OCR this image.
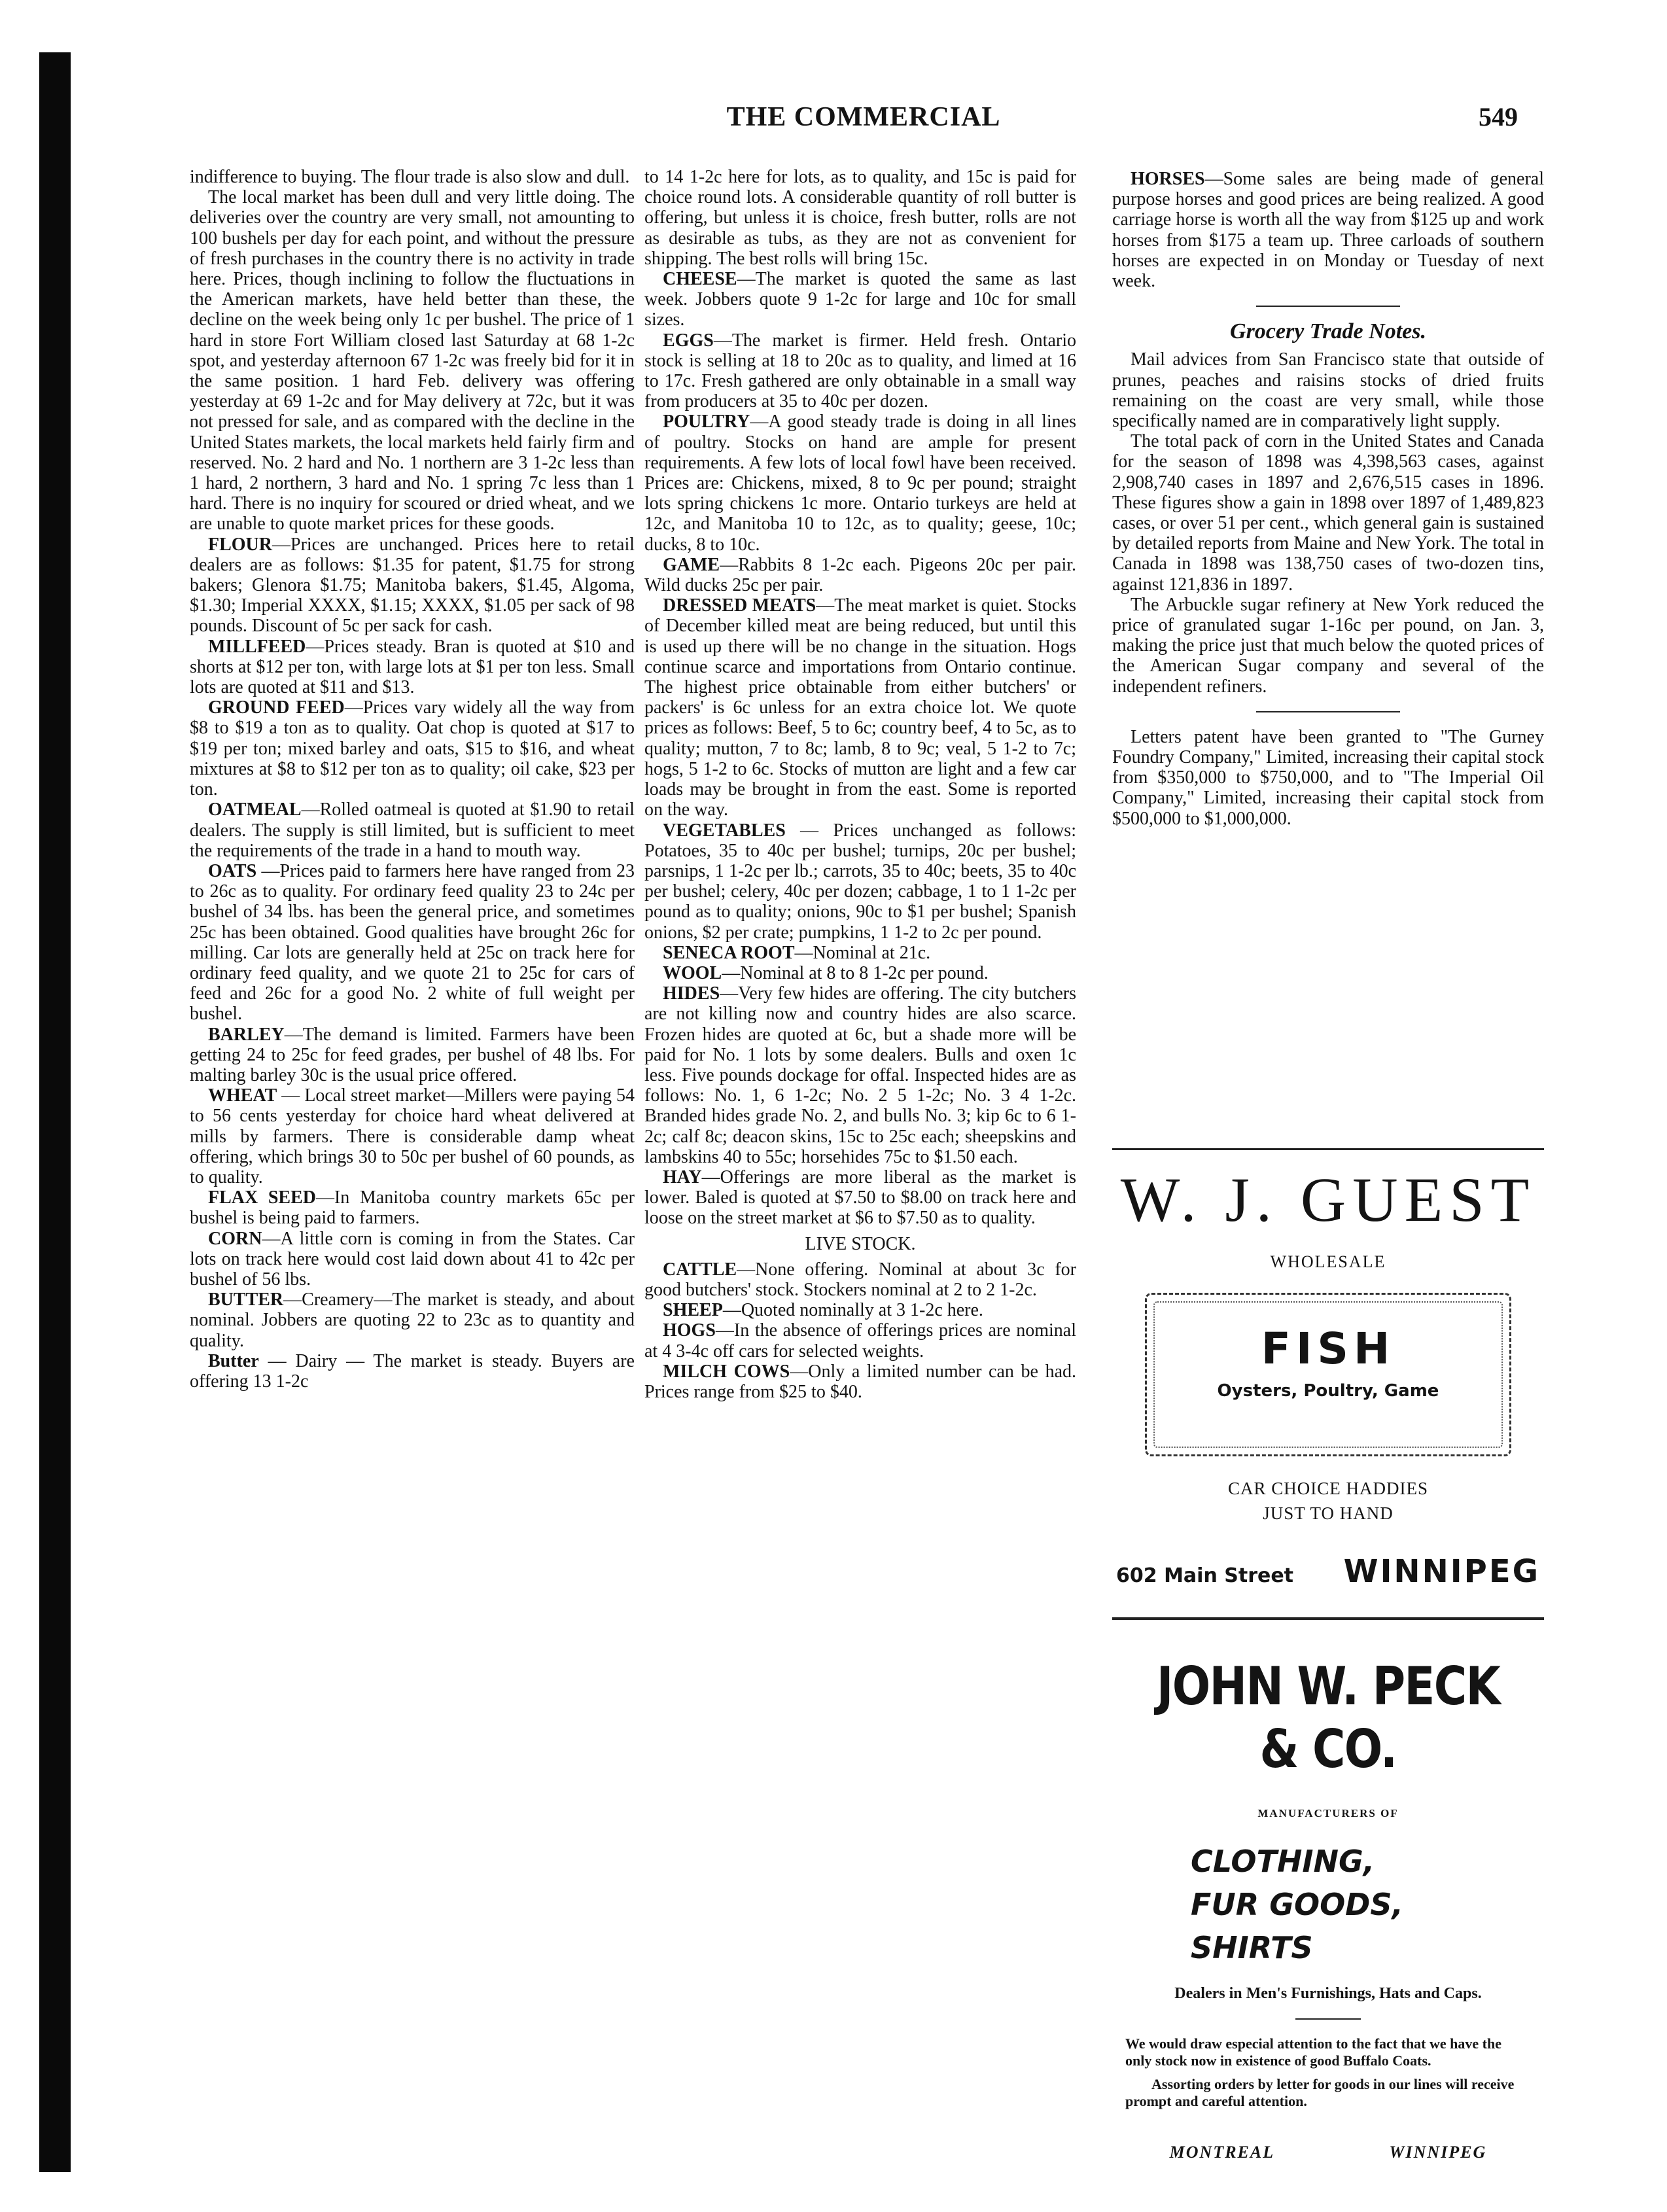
THE COMMERCIAL	549

indifference to buying. The flour trade is also slow and dull.

The local market has been dull and very little doing. The deliveries over the country are very small, not amounting to 100 bushels per day for each point, and without the pressure of fresh purchases in the country there is no activity in trade here. Prices, though inclining to follow the fluctuations in the American markets, have held better than these, the decline on the week being only 1c per bushel. The price of 1 hard in store Fort William closed last Saturday at 68 1-2c spot, and yesterday afternoon 67 1-2c was freely bid for it in the same position. 1 hard Feb. delivery was offering yesterday at 69 1-2c and for May delivery at 72c, but it was not pressed for sale, and as compared with the decline in the United States markets, the local markets held fairly firm and reserved. No. 2 hard and No. 1 northern are 3 1-2c less than 1 hard, 2 northern, 3 hard and No. 1 spring 7c less than 1 hard. There is no inquiry for scoured or dried wheat, and we are unable to quote market prices for these goods.

FLOUR—Prices are unchanged. Prices here to retail dealers are as follows: $1.35 for patent, $1.75 for strong bakers; Glenora $1.75; Manitoba bakers, $1.45, Algoma, $1.30; Imperial XXXX, $1.15; XXXX, $1.05 per sack of 98 pounds. Discount of 5c per sack for cash.

MILLFEED—Prices steady. Bran is quoted at $10 and shorts at $12 per ton, with large lots at $1 per ton less. Small lots are quoted at $11 and $13.

GROUND FEED—Prices vary widely all the way from $8 to $19 a ton as to quality. Oat chop is quoted at $17 to $19 per ton; mixed barley and oats, $15 to $16, and wheat mixtures at $8 to $12 per ton as to quality; oil cake, $23 per ton.

OATMEAL—Rolled oatmeal is quoted at $1.90 to retail dealers. The supply is still limited, but is sufficient to meet the requirements of the trade in a hand to mouth way.

OATS —Prices paid to farmers here have ranged from 23 to 26c as to quality. For ordinary feed quality 23 to 24c per bushel of 34 lbs. has been the general price, and sometimes 25c has been obtained. Good qualities have brought 26c for milling. Car lots are generally held at 25c on track here for ordinary feed quality, and we quote 21 to 25c for cars of feed and 26c for a good No. 2 white of full weight per bushel.

BARLEY—The demand is limited. Farmers have been getting 24 to 25c for feed grades, per bushel of 48 lbs. For malting barley 30c is the usual price offered.

WHEAT — Local street market—Millers were paying 54 to 56 cents yesterday for choice hard wheat delivered at mills by farmers. There is considerable damp wheat offering, which brings 30 to 50c per bushel of 60 pounds, as to quality.

FLAX SEED—In Manitoba country markets 65c per bushel is being paid to farmers.

CORN—A little corn is coming in from the States. Car lots on track here would cost laid down about 41 to 42c per bushel of 56 lbs.

BUTTER—Creamery—The market is steady, and about nominal. Jobbers are quoting 22 to 23c as to quantity and quality.

Butter — Dairy — The market is steady. Buyers are offering 13 1-2c

to 14 1-2c here for lots, as to quality, and 15c is paid for choice round lots. A considerable quantity of roll butter is offering, but unless it is choice, fresh butter, rolls are not as desirable as tubs, as they are not as convenient for shipping. The best rolls will bring 15c.

CHEESE—The market is quoted the same as last week. Jobbers quote 9 1-2c for large and 10c for small sizes.

EGGS—The market is firmer. Held fresh. Ontario stock is selling at 18 to 20c as to quality, and limed at 16 to 17c. Fresh gathered are only obtainable in a small way from producers at 35 to 40c per dozen.

POULTRY—A good steady trade is doing in all lines of poultry. Stocks on hand are ample for present requirements. A few lots of local fowl have been received. Prices are: Chickens, mixed, 8 to 9c per pound; straight lots spring chickens 1c more. Ontario turkeys are held at 12c, and Manitoba 10 to 12c, as to quality; geese, 10c; ducks, 8 to 10c.

GAME—Rabbits 8 1-2c each. Pigeons 20c per pair. Wild ducks 25c per pair.

DRESSED MEATS—The meat market is quiet. Stocks of December killed meat are being reduced, but until this is used up there will be no change in the situation. Hogs continue scarce and importations from Ontario continue. The highest price obtainable from either butchers' or packers' is 6c unless for an extra choice lot. We quote prices as follows: Beef, 5 to 6c; country beef, 4 to 5c, as to quality; mutton, 7 to 8c; lamb, 8 to 9c; veal, 5 1-2 to 7c; hogs, 5 1-2 to 6c. Stocks of mutton are light and a few car loads may be brought in from the east. Some is reported on the way.

VEGETABLES — Prices unchanged as follows: Potatoes, 35 to 40c per bushel; turnips, 20c per bushel; parsnips, 1 1-2c per lb.; carrots, 35 to 40c; beets, 35 to 40c per bushel; celery, 40c per dozen; cabbage, 1 to 1 1-2c per pound as to quality; onions, 90c to $1 per bushel; Spanish onions, $2 per crate; pumpkins, 1 1-2 to 2c per pound.

SENECA ROOT—Nominal at 21c.

WOOL—Nominal at 8 to 8 1-2c per pound.

HIDES—Very few hides are offering. The city butchers are not killing now and country hides are also scarce. Frozen hides are quoted at 6c, but a shade more will be paid for No. 1 lots by some dealers. Bulls and oxen 1c less. Five pounds dockage for offal. Inspected hides are as follows: No. 1, 6 1-2c; No. 2 5 1-2c; No. 3 4 1-2c. Branded hides grade No. 2, and bulls No. 3; kip 6c to 6 1-2c; calf 8c; deacon skins, 15c to 25c each; sheepskins and lambskins 40 to 55c; horsehides 75c to $1.50 each.

HAY—Offerings are more liberal as the market is lower. Baled is quoted at $7.50 to $8.00 on track here and loose on the street market at $6 to $7.50 as to quality.

LIVE STOCK.

CATTLE—None offering. Nominal at about 3c for good butchers' stock. Stockers nominal at 2 to 2 1-2c.

SHEEP—Quoted nominally at 3 1-2c here.

HOGS—In the absence of offerings prices are nominal at 4 3-4c off cars for selected weights.

MILCH COWS—Only a limited number can be had. Prices range from $25 to $40.

HORSES—Some sales are being made of general purpose horses and good prices are being realized. A good carriage horse is worth all the way from $125 up and work horses from $175 a team up. Three carloads of southern horses are expected in on Monday or Tuesday of next week.

Grocery Trade Notes.

Mail advices from San Francisco state that outside of prunes, peaches and raisins stocks of dried fruits remaining on the coast are very small, while those specifically named are in comparatively light supply.

The total pack of corn in the United States and Canada for the season of 1898 was 4,398,563 cases, against 2,908,740 cases in 1897 and 2,676,515 cases in 1896. These figures show a gain in 1898 over 1897 of 1,489,823 cases, or over 51 per cent., which general gain is sustained by detailed reports from Maine and New York. The total in Canada in 1898 was 138,750 cases of two-dozen tins, against 121,836 in 1897.

The Arbuckle sugar refinery at New York reduced the price of granulated sugar 1-16c per pound, on Jan. 3, making the price just that much below the quoted prices of the American Sugar company and several of the independent refiners.

Letters patent have been granted to "The Gurney Foundry Company," Limited, increasing their capital stock from $350,000 to $750,000, and to "The Imperial Oil Company," Limited, increasing their capital stock from $500,000 to $1,000,000.

W. J. GUEST
WHOLESALE
FISH
Oysters, Poultry, Game
CAR CHOICE HADDIES
JUST TO HAND
602 Main Street WINNIPEG
JOHN W. PECK & CO.
MANUFACTURERS OF
CLOTHING,
FUR GOODS,
SHIRTS
Dealers in Men's Furnishings, Hats and Caps.
We would draw especial attention to the fact that we have the only stock now in existence of good Buffalo Coats.
Assorting orders by letter for goods in our lines will receive prompt and careful attention.
MONTREAL	WINNIPEG
